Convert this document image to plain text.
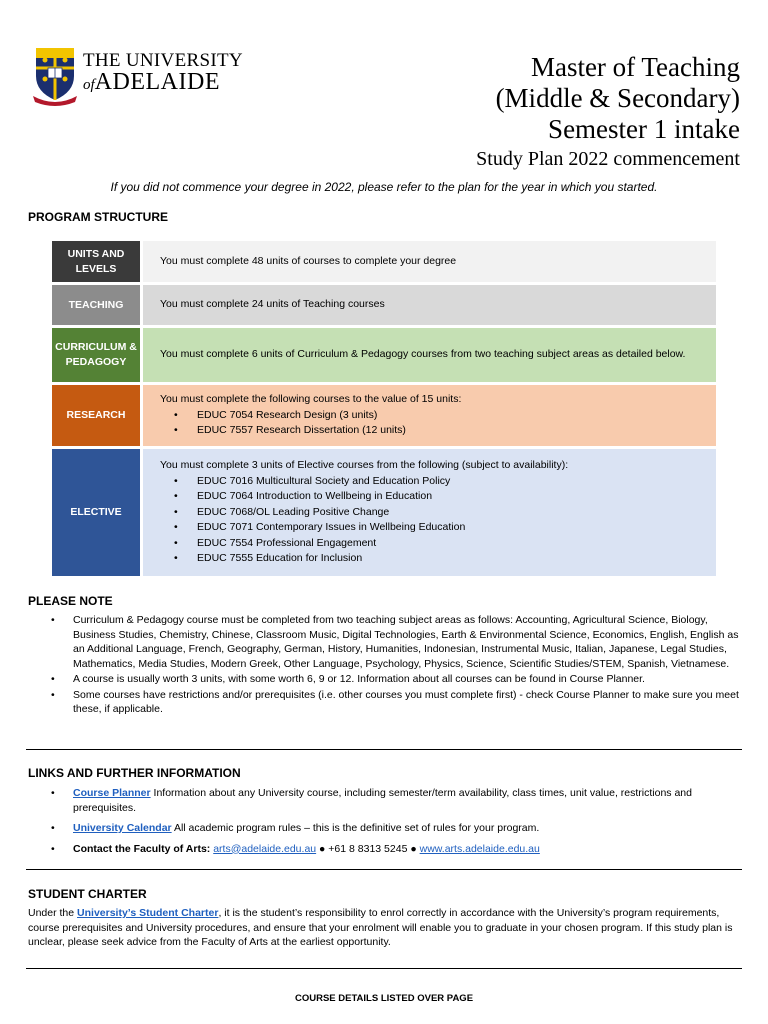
THE UNIVERSITY
ofADELAIDE	Master of Teaching
(Middle & Secondary)
Semester 1 intake
Study Plan 2022 commencement
If you did not commence your degree in 2022, please refer to the plan for the year in which you started.
PROGRAM STRUCTURE
UNITS AND LEVELS
You must complete 48 units of courses to complete your degree
TEACHING	You must complete 24 units of Teaching courses
CURRICULUM & PEDAGOGY
You must complete 6 units of Curriculum & Pedagogy courses from two teaching subject areas as detailed below.
RESEARCH
You must complete the following courses to the value of 15 units:
• EDUC 7054 Research Design (3 units)
• EDUC 7557 Research Dissertation (12 units)
ELECTIVE
You must complete 3 units of Elective courses from the following (subject to availability):
• EDUC 7016 Multicultural Society and Education Policy
• EDUC 7064 Introduction to Wellbeing in Education
• EDUC 7068/OL Leading Positive Change
• EDUC 7071 Contemporary Issues in Wellbeing Education
• EDUC 7554 Professional Engagement
• EDUC 7555 Education for Inclusion
PLEASE NOTE
• Curriculum & Pedagogy course must be completed from two teaching subject areas as follows: Accounting, Agricultural Science, Biology, Business Studies, Chemistry, Chinese, Classroom Music, Digital Technologies, Earth & Environmental Science, Economics, English, English as an Additional Language, French, Geography, German, History, Humanities, Indonesian, Instrumental Music, Italian, Japanese, Legal Studies, Mathematics, Media Studies, Modern Greek, Other Language, Psychology, Physics, Science, Scientific Studies/STEM, Spanish, Vietnamese.
• A course is usually worth 3 units, with some worth 6, 9 or 12. Information about all courses can be found in Course Planner.
• Some courses have restrictions and/or prerequisites (i.e. other courses you must complete first) - check Course Planner to make sure you meet these, if applicable.
LINKS AND FURTHER INFORMATION
• Course Planner Information about any University course, including semester/term availability, class times, unit value, restrictions and prerequisites.
• University Calendar All academic program rules – this is the definitive set of rules for your program.
• Contact the Faculty of Arts: arts@adelaide.edu.au ● +61 8 8313 5245 ● www.arts.adelaide.edu.au
STUDENT CHARTER
Under the University’s Student Charter, it is the student’s responsibility to enrol correctly in accordance with the University’s program requirements, course prerequisites and University procedures, and ensure that your enrolment will enable you to graduate in your chosen program. If this study plan is unclear, please seek advice from the Faculty of Arts at the earliest opportunity.
COURSE DETAILS LISTED OVER PAGE
